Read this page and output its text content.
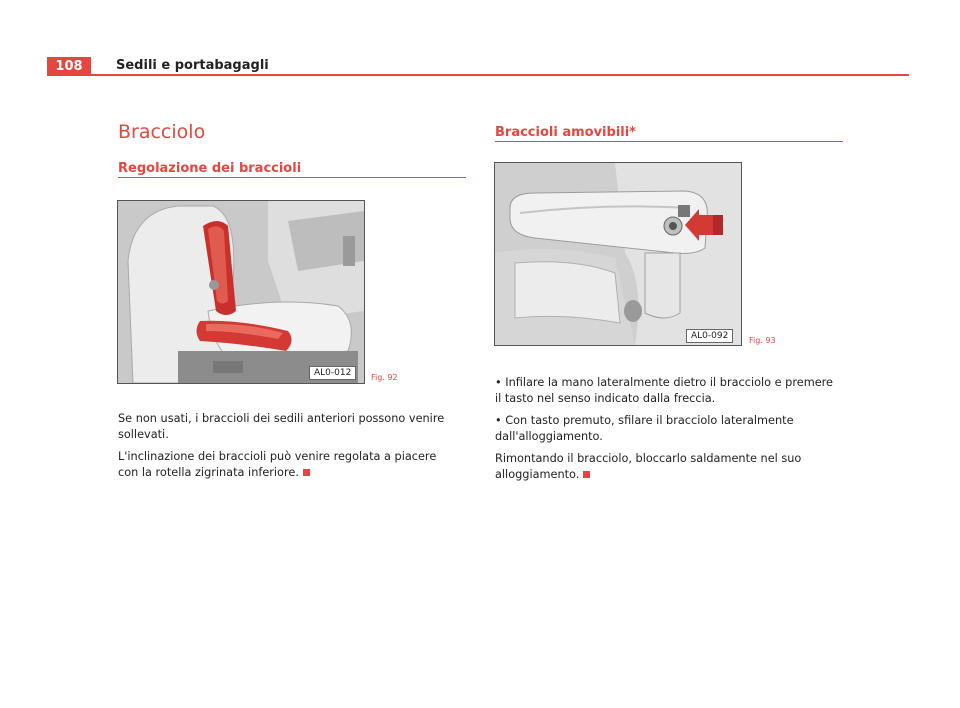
108	Sedili e portabagagli
Bracciolo
Regolazione dei braccioli
AL0-012	Fig. 92

Se non usati, i braccioli dei sedili anteriori possono venire sollevati.

L'inclinazione dei braccioli può venire regolata a piacere con la rotella zigrinata inferiore.

Braccioli amovibili*
AL0-092	Fig. 93

• Infilare la mano lateralmente dietro il bracciolo e premere il tasto nel senso indicato dalla freccia.

• Con tasto premuto, sfilare il bracciolo lateralmente dall'alloggiamento.

Rimontando il bracciolo, bloccarlo saldamente nel suo alloggiamento.
